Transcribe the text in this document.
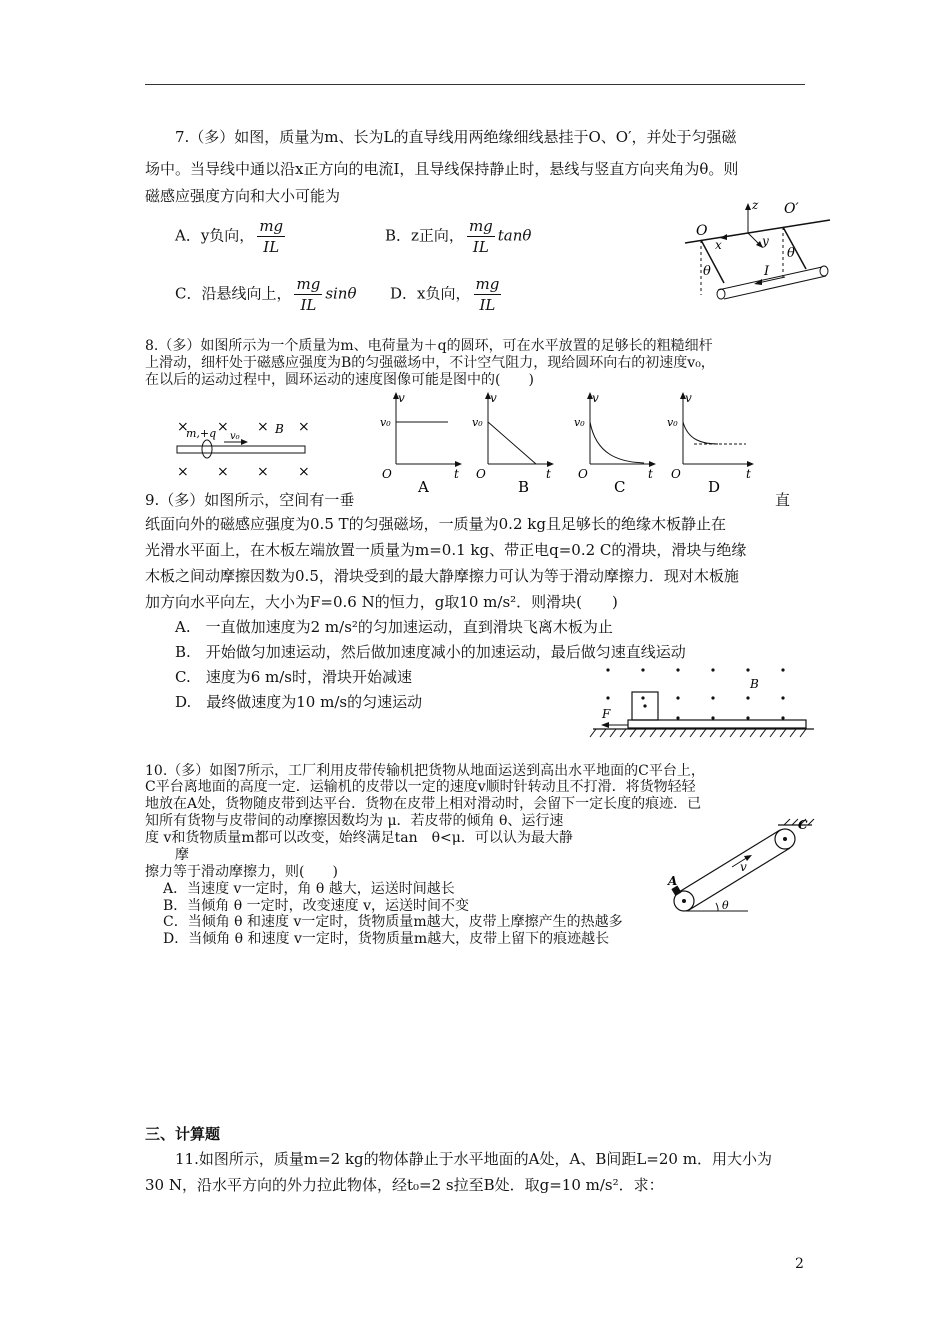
7.（多）如图，质量为m、长为L的直导线用两绝缘细线悬挂于O、O′，并处于匀强磁
场中。当导线中通以沿x正方向的电流I，且导线保持静止时，悬线与竖直方向夹角为θ。则
磁感应强度方向和大小可能为
A．y负向， $\frac{mg}{IL}$	B．z正向， $\frac{mg}{IL}$ tanθ
C．沿悬线向上， $\frac{mg}{IL}$ sinθ D．x负向， $\frac{mg}{IL}$
O
O′
z
x	y
θ
θ
I
8.（多）如图所示为一个质量为m、电荷量为＋q的圆环，可在水平放置的足够长的粗糙细杆
上滑动，细杆处于磁感应强度为B的匀强磁场中，不计空气阻力，现给圆环向右的初速度v₀，
在以后的运动过程中，圆环运动的速度图像可能是图中的(　　)
× × × ×
× × × ×
m,+q v₀
B
v
v₀
O	t
A
v
v₀
O	t
B
v
v₀
O	t
C
v
v₀
O	t
D
9.（多）如图所示，空间有一垂	直
纸面向外的磁感应强度为0.5 T的匀强磁场，一质量为0.2 kg且足够长的绝缘木板静止在
光滑水平面上，在木板左端放置一质量为m=0.1 kg、带正电q=0.2 C的滑块，滑块与绝缘
木板之间动摩擦因数为0.5，滑块受到的最大静摩擦力可认为等于滑动摩擦力．现对木板施
加方向水平向左，大小为F=0.6 N的恒力，g取10 m/s²．则滑块(　　)
A.　一直做加速度为2 m/s²的匀加速运动，直到滑块飞离木板为止
B.　开始做匀加速运动，然后做加速度减小的加速运动，最后做匀速直线运动
C.　速度为6 m/s时，滑块开始减速
D.　最终做速度为10 m/s的匀速运动
F
B
10.（多）如图7所示，工厂利用皮带传输机把货物从地面运送到高出水平地面的C平台上，
C平台离地面的高度一定．运输机的皮带以一定的速度v顺时针转动且不打滑．将货物轻轻
地放在A处，货物随皮带到达平台．货物在皮带上相对滑动时，会留下一定长度的痕迹．已
知所有货物与皮带间的动摩擦因数均为 μ．若皮带的倾角 θ、运行速
度 v和货物质量m都可以改变，始终满足tan　θ<μ．可以认为最大静
摩
擦力等于滑动摩擦力，则(　　)
A．当速度 v一定时，角 θ 越大，运送时间越长
B．当倾角 θ 一定时，改变速度 v，运送时间不变
C．当倾角 θ 和速度 v一定时，货物质量m越大，皮带上摩擦产生的热越多
D．当倾角 θ 和速度 v一定时，货物质量m越大，皮带上留下的痕迹越长
A
C
v
θ
三、计算题
11.如图所示，质量m=2 kg的物体静止于水平地面的A处，A、B间距L=20 m．用大小为
30 N，沿水平方向的外力拉此物体，经t₀=2 s拉至B处．取g=10 m/s²．求：
2
